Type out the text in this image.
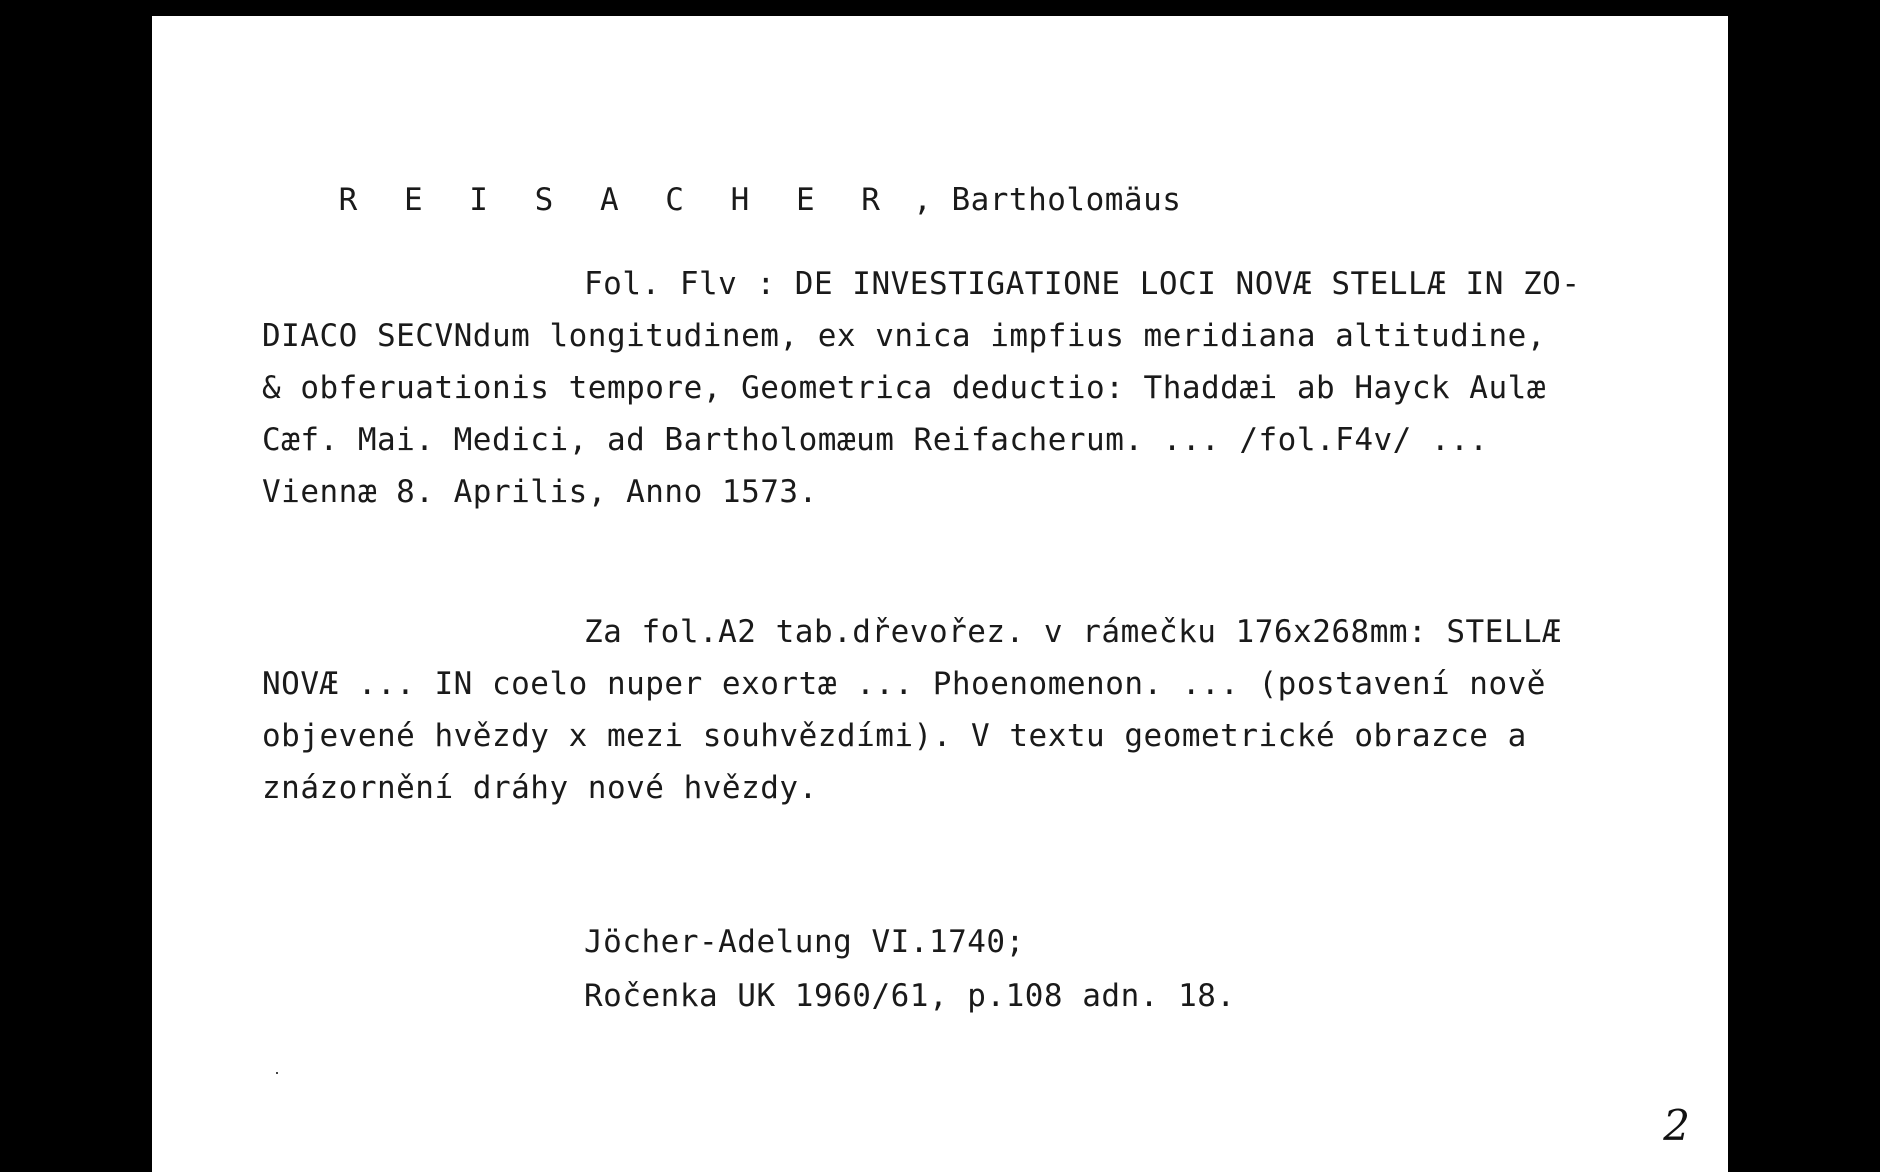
R E I S A C H E R , Bartholomäus

Fol. Flv : DE INVESTIGATIONE LOCI NOVÆ STELLÆ IN ZO-
DIACO SECVNdum longitudinem, ex vnica impfius meridiana altitudine,
& obferuationis tempore, Geometrica deductio: Thaddæi ab Hayck Aulæ
Cæf. Mai. Medici, ad Bartholomæum Reifacherum. ... /fol.F4v/ ...
Viennæ 8. Aprilis, Anno 1573.
Za fol.A2 tab.dřevořez. v rámečku 176x268mm: STELLÆ
NOVÆ ... IN coelo nuper exortæ ... Phoenomenon. ... (postavení nově
objevené hvězdy x mezi souhvězdími). V textu geometrické obrazce a
znázornění dráhy nové hvězdy.
Jöcher-Adelung VI.1740;
Ročenka UK 1960/61, p.108 adn. 18.
2
